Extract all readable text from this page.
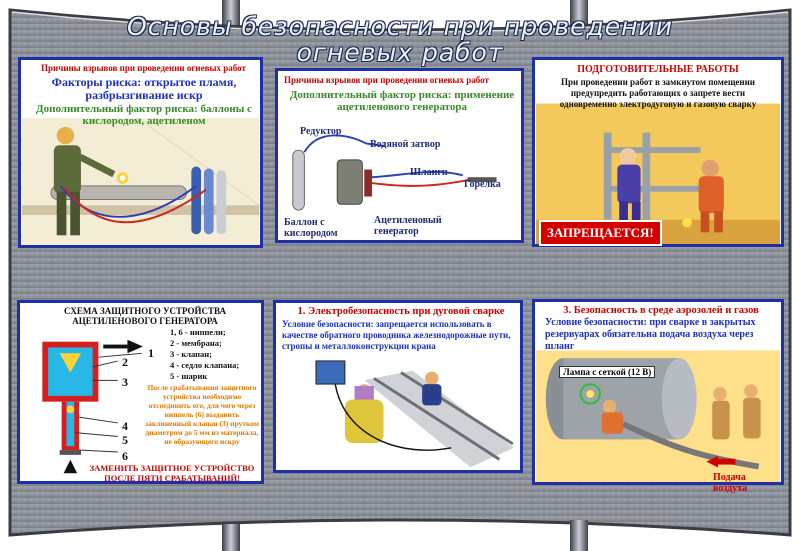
Основы безопасности при проведении
огневых работ

Причины взрывов при проведении огневых работ

Факторы риска: открытое пламя, разбрызгивание искр

Дополнительный фактор риска: баллоны с кислородом, ацетиленом

Причины взрывов при проведении огневых работ

Дополнительный фактор риска: применение ацетиленового генератора

Редуктор
Водяной затвор
Шланги
Горелка
Баллон с кислородом
Ацетиленовый генератор

ПОДГОТОВИТЕЛЬНЫЕ РАБОТЫ

При проведении работ в замкнутом помещении предупредить работающих о запрете вести одновременно электродуговую и газовую сварку

ЗАПРЕЩАЕТСЯ!

СХЕМА ЗАЩИТНОГО УСТРОЙСТВА АЦЕТИЛЕНОВОГО ГЕНЕРАТОРА

1
2
3
4
5
6
1, 6 - ниппели;
2 - мембрана;
3 - клапан;
4 - седло клапана;
5 - шарик

После срабатывания защитного устройства необходимо отсоединить его, для чего через ниппель (6) выдавить заклиненный клапан (3) прутком диаметром до 5 мм из материала, не образующего искру

ЗАМЕНИТЬ ЗАЩИТНОЕ УСТРОЙСТВО ПОСЛЕ ПЯТИ СРАБАТЫВАНИЙ!

1. Электробезопасность при дуговой сварке

Условие безопасности: запрещается использовать в качестве обратного проводника железнодорожные пути, стропы и металлоконструкции крана

3. Безопасность в среде аэрозолей и газов

Условие безопасности: при сварке в закрытых резервуарах обязательна подача воздуха через шланг

Лампа с сеткой (12 В)
Подача воздуха
